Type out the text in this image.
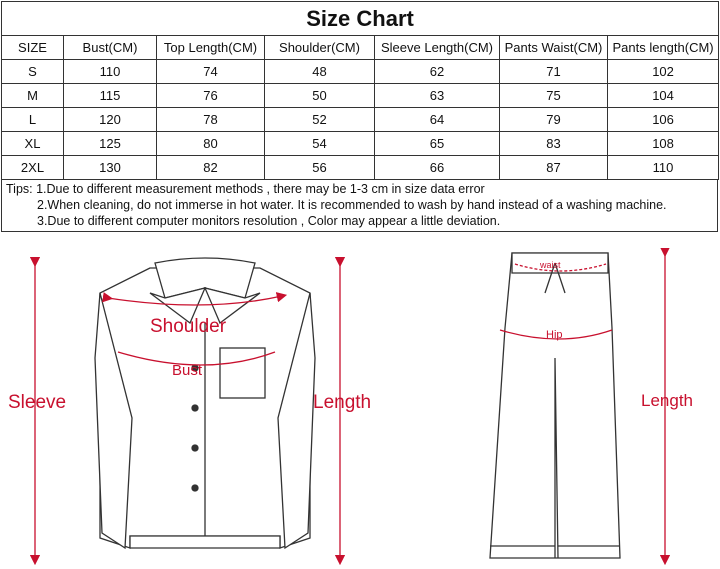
Size Chart						
SIZE	Bust(CM)	Top Length(CM)	Shoulder(CM)	Sleeve Length(CM)	Pants Waist(CM)	Pants length(CM)
S	110	74	48	62	71	102
M	115	76	50	63	75	104
L	120	78	52	64	79	106
XL	125	80	54	65	83	108
2XL	130	82	56	66	87	110
Tips: 1.Due to different measurement methods , there may be 1-3 cm in size data error
2.When cleaning, do not immerse in hot water. It is recommended to wash by hand instead of a washing machine.
3.Due to different computer monitors resolution , Color may appear a little deviation.
Sleeve
Shoulder
Bust
Length
waist
Hip
Length
